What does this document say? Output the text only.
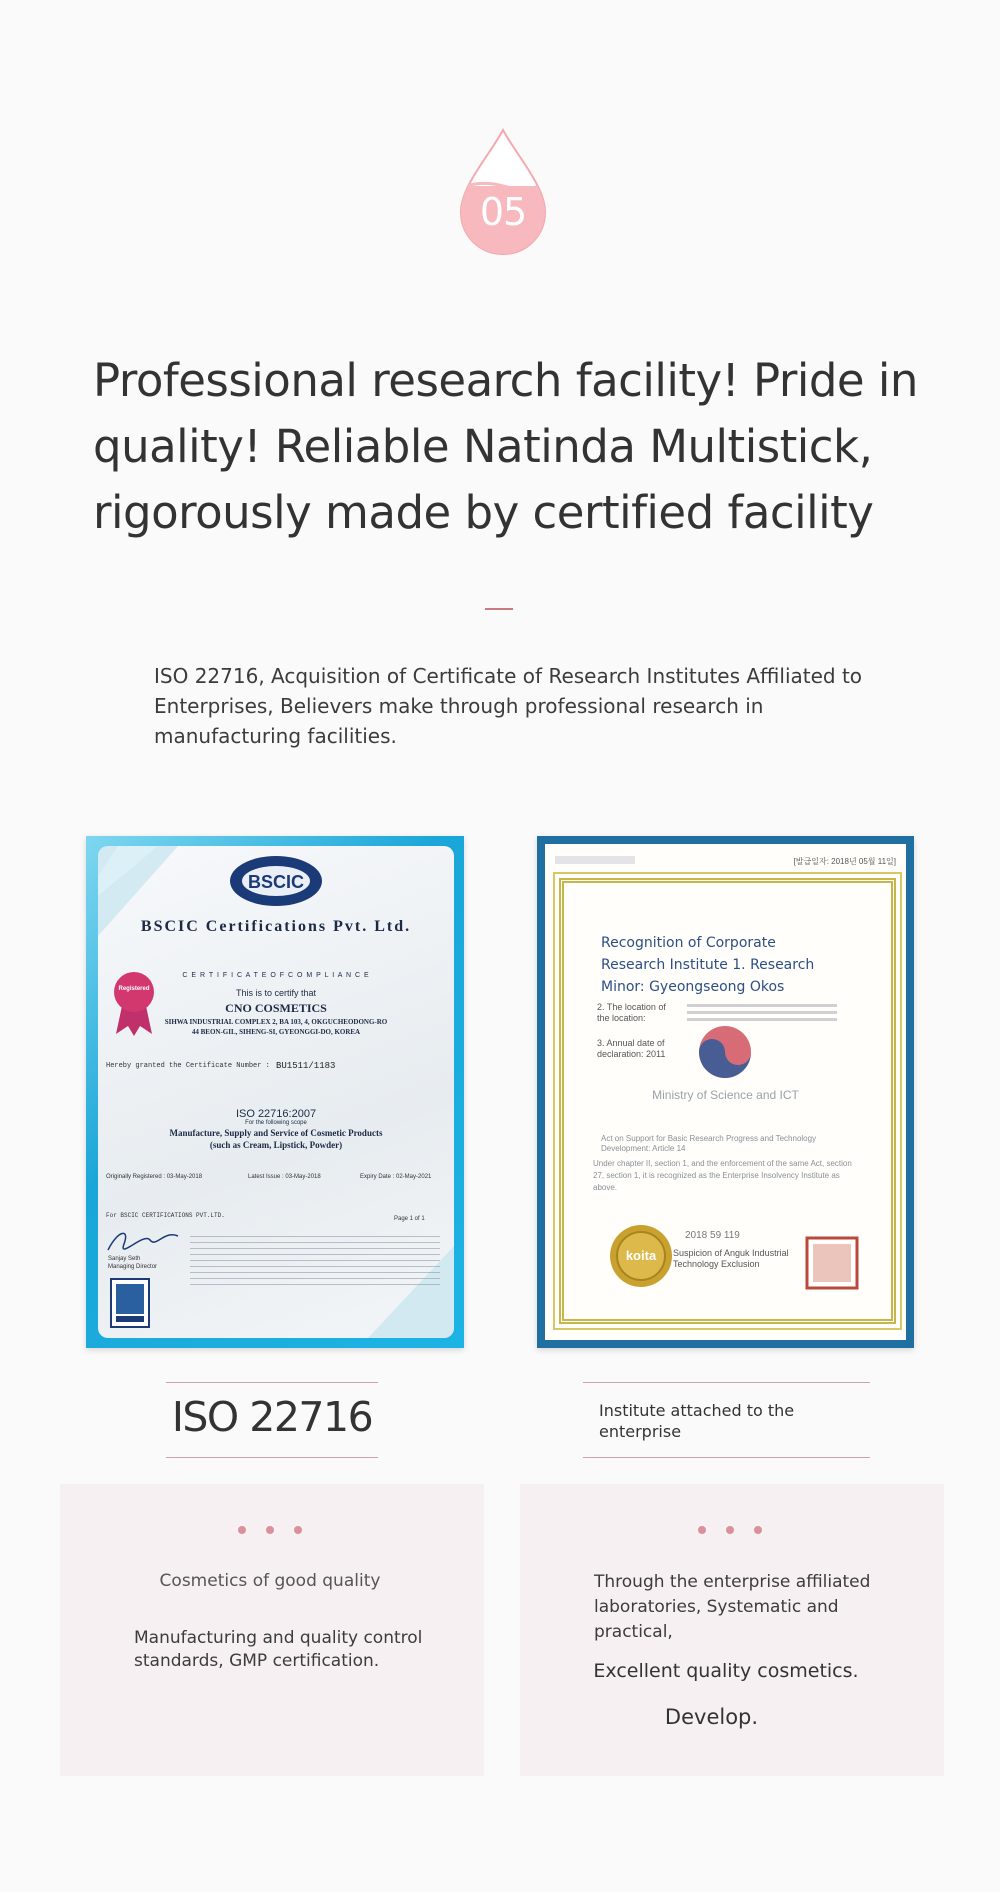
05
Professional research facility! Pride in quality! Reliable Natinda Multistick, rigorously made by certified facility
ISO 22716, Acquisition of Certificate of Research Institutes Affiliated to Enterprises, Believers make through professional research in manufacturing facilities.
BSCIC
BSCIC Certifications Pvt. Ltd.
C E R T I F I C A T E O F C O M P L I A N C E
This is to certify that
CNO COSMETICS
SIHWA INDUSTRIAL COMPLEX 2, BA 103, 4, OKGUCHEODONG-RO
44 BEON-GIL, SIHENG-SI, GYEONGGI-DO, KOREA
Registered
Hereby granted the Certificate Number : BU1511/1183
ISO 22716:2007
For the following scope
Manufacture, Supply and Service of Cosmetic Products
(such as Cream, Lipstick, Powder)
Originally Registered : 03-May-2018	Latest Issue : 03-May-2018	Expiry Date : 02-May-2021
For BSCIC CERTIFICATIONS PVT.LTD.	Page 1 of 1
Sanjay Seth
Managing Director
[발급일자: 2018년 05월 11일]
Recognition of Corporate Research Institute 1. Research Minor: Gyeongseong Okos
2. The location of the location:
3. Annual date of declaration: 2011
Ministry of Science and ICT
Act on Support for Basic Research Progress and Technology Development: Article 14
Under chapter II, section 1, and the enforcement of the same Act, section 27, section 1, it is recognized as the Enterprise Insolvency Institute as above.
koita
2018 59 119
Suspicion of Anguk Industrial Technology Exclusion
ISO 22716	Institute attached to the enterprise
Cosmetics of good quality
Manufacturing and quality control standards, GMP certification.
Through the enterprise affiliated laboratories, Systematic and practical,
Excellent quality cosmetics.
Develop.
